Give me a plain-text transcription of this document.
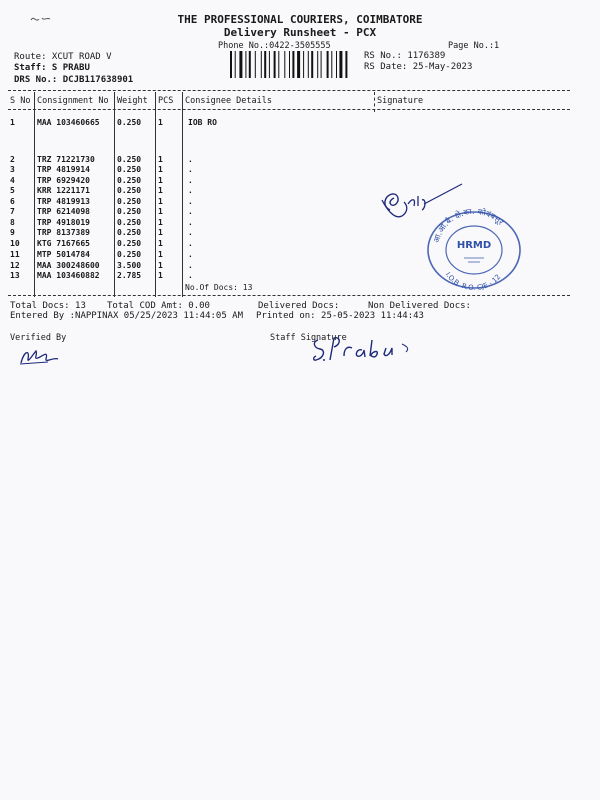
THE PROFESSIONAL COURIERS, COIMBATORE
Delivery Runsheet - PCX
Phone No.:0422-3505555	Page No.:1
Route: XCUT ROAD V
Staff: S PRABU
DRS No.: DCJB117638901
RS No.: 1176389
RS Date: 25-May-2023
S No Consignment No Weight PCS Consignee Details	Signature
1	MAA 103460665 0.250 1	IOB RO
2	TRZ 71221730	0.250 1	.
3	TRP 4819914	0.250 1	.
4	TRP 6929420	0.250 1	.
5	KRR 1221171	0.250 1	.
6	TRP 4819913	0.250 1	.
7	TRP 6214098	0.250 1	.
8	TRP 4918019	0.250 1	.
9	TRP 8137389	0.250 1	.
10 KTG 7167665	0.250 1	.
11 MTP 5014784	0.250 1	.
12 MAA 300248600 3.500 1	.
13 MAA 103460882 2.785 1	.
No.Of Docs: 13
Total Docs: 13 Total COD Amt: 0.00	Delivered Docs:	Non Delivered Docs:
Entered By :NAPPINAX 05/25/2023 11:44:05 AM Printed on: 25-05-2023 11:44:43
Verified By	Staff Signature
आ.ओ.बै. क्षे.का. कोयंबत्तूर
I.O.B. R.O. CJE - 12
HRMD
